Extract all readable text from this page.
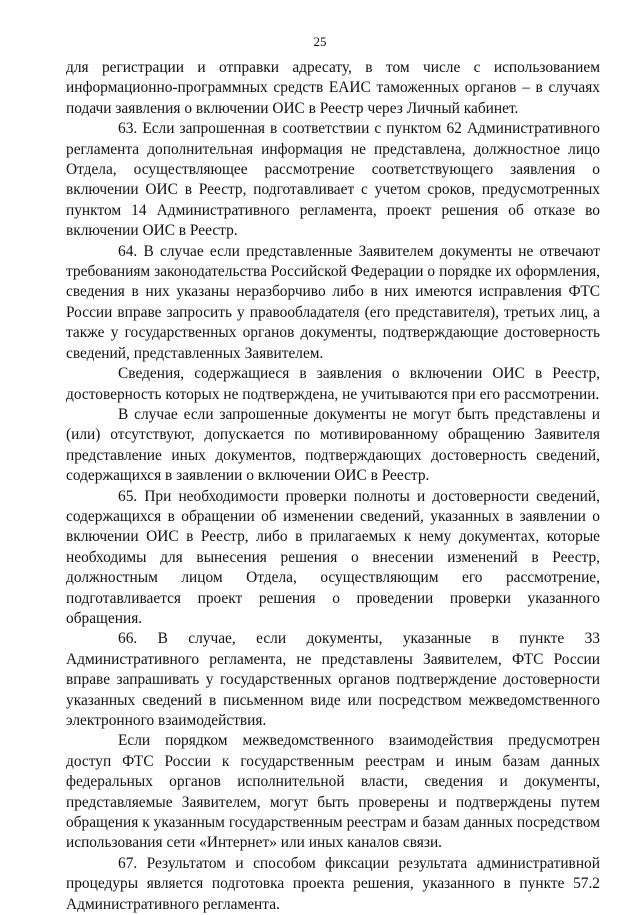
25

для регистрации и отправки адресату, в том числе с использованием информационно-программных средств ЕАИС таможенных органов – в случаях подачи заявления о включении ОИС в Реестр через Личный кабинет.

63. Если запрошенная в соответствии с пунктом 62 Административного регламента дополнительная информация не представлена, должностное лицо Отдела, осуществляющее рассмотрение соответствующего заявления о включении ОИС в Реестр, подготавливает с учетом сроков, предусмотренных пунктом 14 Административного регламента, проект решения об отказе во включении ОИС в Реестр.

64. В случае если представленные Заявителем документы не отвечают требованиям законодательства Российской Федерации о порядке их оформления, сведения в них указаны неразборчиво либо в них имеются исправления ФТС России вправе запросить у правообладателя (его представителя), третьих лиц, а также у государственных органов документы, подтверждающие достоверность сведений, представленных Заявителем.

Сведения, содержащиеся в заявления о включении ОИС в Реестр, достоверность которых не подтверждена, не учитываются при его рассмотрении.

В случае если запрошенные документы не могут быть представлены и (или) отсутствуют, допускается по мотивированному обращению Заявителя представление иных документов, подтверждающих достоверность сведений, содержащихся в заявлении о включении ОИС в Реестр.

65. При необходимости проверки полноты и достоверности сведений, содержащихся в обращении об изменении сведений, указанных в заявлении о включении ОИС в Реестр, либо в прилагаемых к нему документах, которые необходимы для вынесения решения о внесении изменений в Реестр, должностным лицом Отдела, осуществляющим его рассмотрение, подготавливается проект решения о проведении проверки указанного обращения.

66. В случае, если документы, указанные в пункте 33 Административного регламента, не представлены Заявителем, ФТС России вправе запрашивать у государственных органов подтверждение достоверности указанных сведений в письменном виде или посредством межведомственного электронного взаимодействия.

Если порядком межведомственного взаимодействия предусмотрен доступ ФТС России к государственным реестрам и иным базам данных федеральных органов исполнительной власти, сведения и документы, представляемые Заявителем, могут быть проверены и подтверждены путем обращения к указанным государственным реестрам и базам данных посредством использования сети «Интернет» или иных каналов связи.

67. Результатом и способом фиксации результата административной процедуры является подготовка проекта решения, указанного в пункте 57.2 Административного регламента.
